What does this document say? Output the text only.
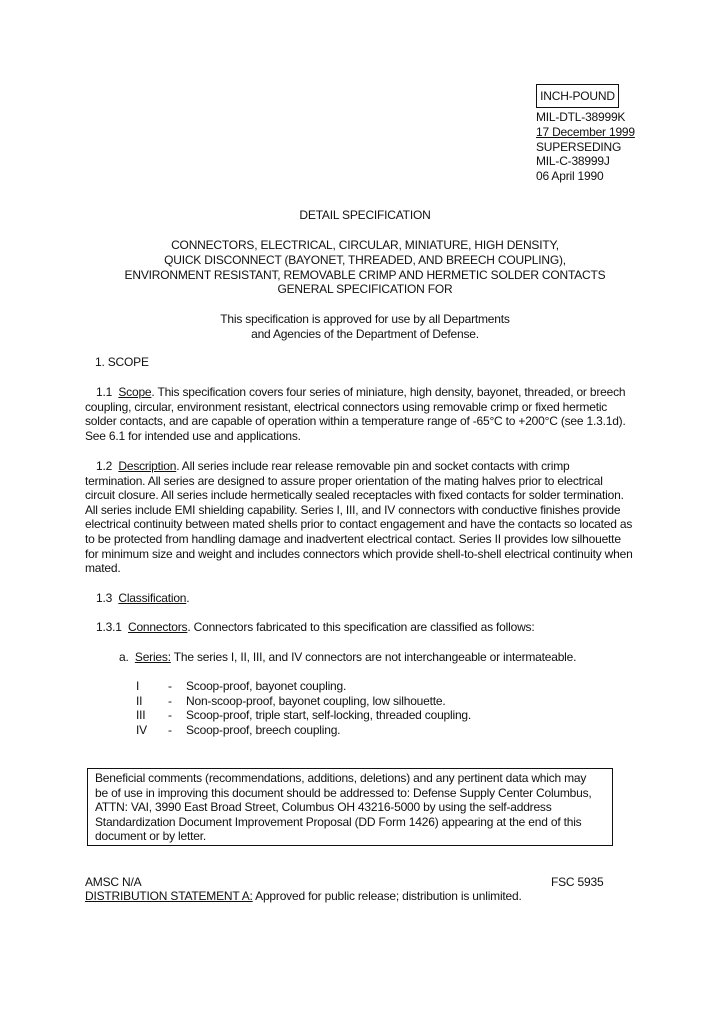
INCH-POUND
MIL-DTL-38999K
17 December 1999
SUPERSEDING
MIL-C-38999J
06 April 1990
DETAIL SPECIFICATION
CONNECTORS, ELECTRICAL, CIRCULAR, MINIATURE, HIGH DENSITY,
QUICK DISCONNECT (BAYONET, THREADED, AND BREECH COUPLING),
ENVIRONMENT RESISTANT, REMOVABLE CRIMP AND HERMETIC SOLDER CONTACTS
GENERAL SPECIFICATION FOR
This specification is approved for use by all Departments
and Agencies of the Department of Defense.
1. SCOPE
1.1 Scope. This specification covers four series of miniature, high density, bayonet, threaded, or breech
coupling, circular, environment resistant, electrical connectors using removable crimp or fixed hermetic
solder contacts, and are capable of operation within a temperature range of -65°C to +200°C (see 1.3.1d).
See 6.1 for intended use and applications.
1.2 Description. All series include rear release removable pin and socket contacts with crimp
termination. All series are designed to assure proper orientation of the mating halves prior to electrical
circuit closure. All series include hermetically sealed receptacles with fixed contacts for solder termination.
All series include EMI shielding capability. Series I, III, and IV connectors with conductive finishes provide
electrical continuity between mated shells prior to contact engagement and have the contacts so located as
to be protected from handling damage and inadvertent electrical contact. Series II provides low silhouette
for minimum size and weight and includes connectors which provide shell-to-shell electrical continuity when
mated.
1.3 Classification.
1.3.1 Connectors. Connectors fabricated to this specification are classified as follows:
a. Series: The series I, II, III, and IV connectors are not interchangeable or intermateable.
I - Scoop-proof, bayonet coupling.
II - Non-scoop-proof, bayonet coupling, low silhouette.
III - Scoop-proof, triple start, self-locking, threaded coupling.
IV - Scoop-proof, breech coupling.
Beneficial comments (recommendations, additions, deletions) and any pertinent data which may
be of use in improving this document should be addressed to: Defense Supply Center Columbus,
ATTN: VAI, 3990 East Broad Street, Columbus OH 43216-5000 by using the self-address
Standardization Document Improvement Proposal (DD Form 1426) appearing at the end of this
document or by letter.
AMSC N/A	FSC 5935
DISTRIBUTION STATEMENT A: Approved for public release; distribution is unlimited.
